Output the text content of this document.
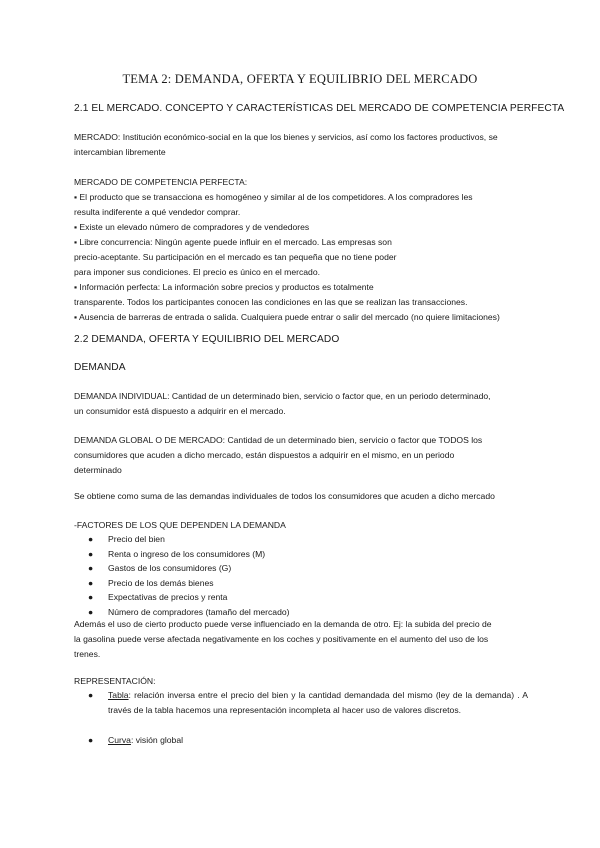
TEMA 2: DEMANDA, OFERTA Y EQUILIBRIO DEL MERCADO
2.1 EL MERCADO. CONCEPTO Y CARACTERÍSTICAS DEL MERCADO DE COMPETENCIA PERFECTA
MERCADO: Institución económico-social en la que los bienes y servicios, así como los factores productivos, se
intercambian libremente
MERCADO DE COMPETENCIA PERFECTA:
▪ El producto que se transacciona es homogéneo y similar al de los competidores. A los compradores les
resulta indiferente a qué vendedor comprar.
▪ Existe un elevado número de compradores y de vendedores
▪ Libre concurrencia: Ningún agente puede influir en el mercado. Las empresas son
precio-aceptante. Su participación en el mercado es tan pequeña que no tiene poder
para imponer sus condiciones. El precio es único en el mercado.
▪ Información perfecta: La información sobre precios y productos es totalmente
transparente. Todos los participantes conocen las condiciones en las que se realizan las transacciones.
▪ Ausencia de barreras de entrada o salida. Cualquiera puede entrar o salir del mercado (no quiere limitaciones)
2.2 DEMANDA, OFERTA Y EQUILIBRIO DEL MERCADO
DEMANDA
DEMANDA INDIVIDUAL: Cantidad de un determinado bien, servicio o factor que, en un periodo determinado,
un consumidor está dispuesto a adquirir en el mercado.
DEMANDA GLOBAL O DE MERCADO: Cantidad de un determinado bien, servicio o factor que TODOS los
consumidores que acuden a dicho mercado, están dispuestos a adquirir en el mismo, en un periodo
determinado
Se obtiene como suma de las demandas individuales de todos los consumidores que acuden a dicho mercado
-FACTORES DE LOS QUE DEPENDEN LA DEMANDA
● Precio del bien
● Renta o ingreso de los consumidores (M)
● Gastos de los consumidores (G)
● Precio de los demás bienes
● Expectativas de precios y renta
● Número de compradores (tamaño del mercado)
Además el uso de cierto producto puede verse influenciado en la demanda de otro. Ej: la subida del precio de
la gasolina puede verse afectada negativamente en los coches y positivamente en el aumento del uso de los
trenes.
REPRESENTACIÓN:
● Tabla: relación inversa entre el precio del bien y la cantidad demandada del mismo (ley de la demanda) . A través de la tabla hacemos una representación incompleta al hacer uso de valores discretos.
● Curva: visión global
